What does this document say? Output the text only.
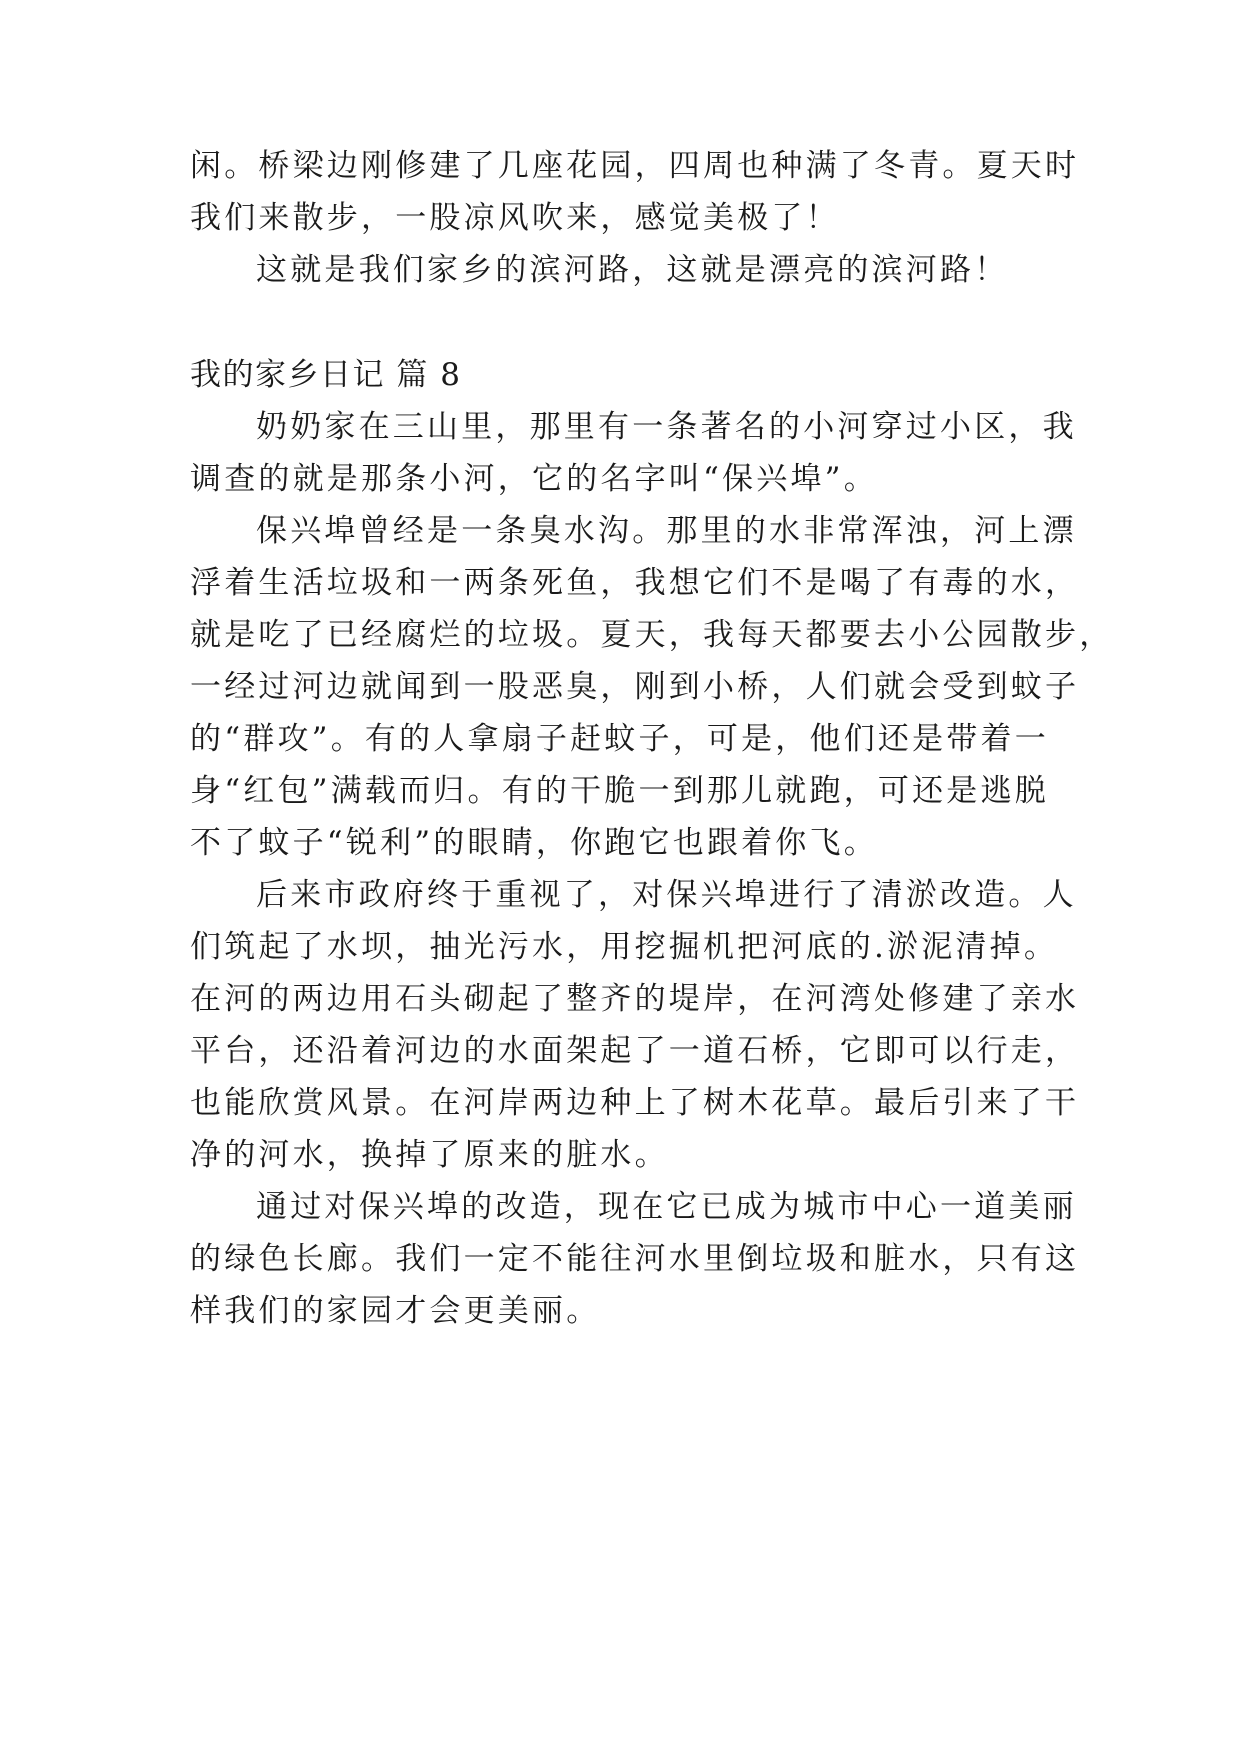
闲。桥梁边刚修建了几座花园，四周也种满了冬青。夏天时
我们来散步，一股凉风吹来，感觉美极了！
这就是我们家乡的滨河路，这就是漂亮的滨河路！
我的家乡日记 篇 8
奶奶家在三山里，那里有一条著名的小河穿过小区，我
调查的就是那条小河，它的名字叫“保兴埠”。
保兴埠曾经是一条臭水沟。那里的水非常浑浊，河上漂
浮着生活垃圾和一两条死鱼，我想它们不是喝了有毒的水，
就是吃了已经腐烂的垃圾。夏天，我每天都要去小公园散步，
一经过河边就闻到一股恶臭，刚到小桥，人们就会受到蚊子
的“群攻”。有的人拿扇子赶蚊子，可是，他们还是带着一
身“红包”满载而归。有的干脆一到那儿就跑，可还是逃脱
不了蚊子“锐利”的眼睛，你跑它也跟着你飞。
后来市政府终于重视了，对保兴埠进行了清淤改造。人
们筑起了水坝，抽光污水，用挖掘机把河底的.淤泥清掉。
在河的两边用石头砌起了整齐的堤岸，在河湾处修建了亲水
平台，还沿着河边的水面架起了一道石桥，它即可以行走，
也能欣赏风景。在河岸两边种上了树木花草。最后引来了干
净的河水，换掉了原来的脏水。
通过对保兴埠的改造，现在它已成为城市中心一道美丽
的绿色长廊。我们一定不能往河水里倒垃圾和脏水，只有这
样我们的家园才会更美丽。
